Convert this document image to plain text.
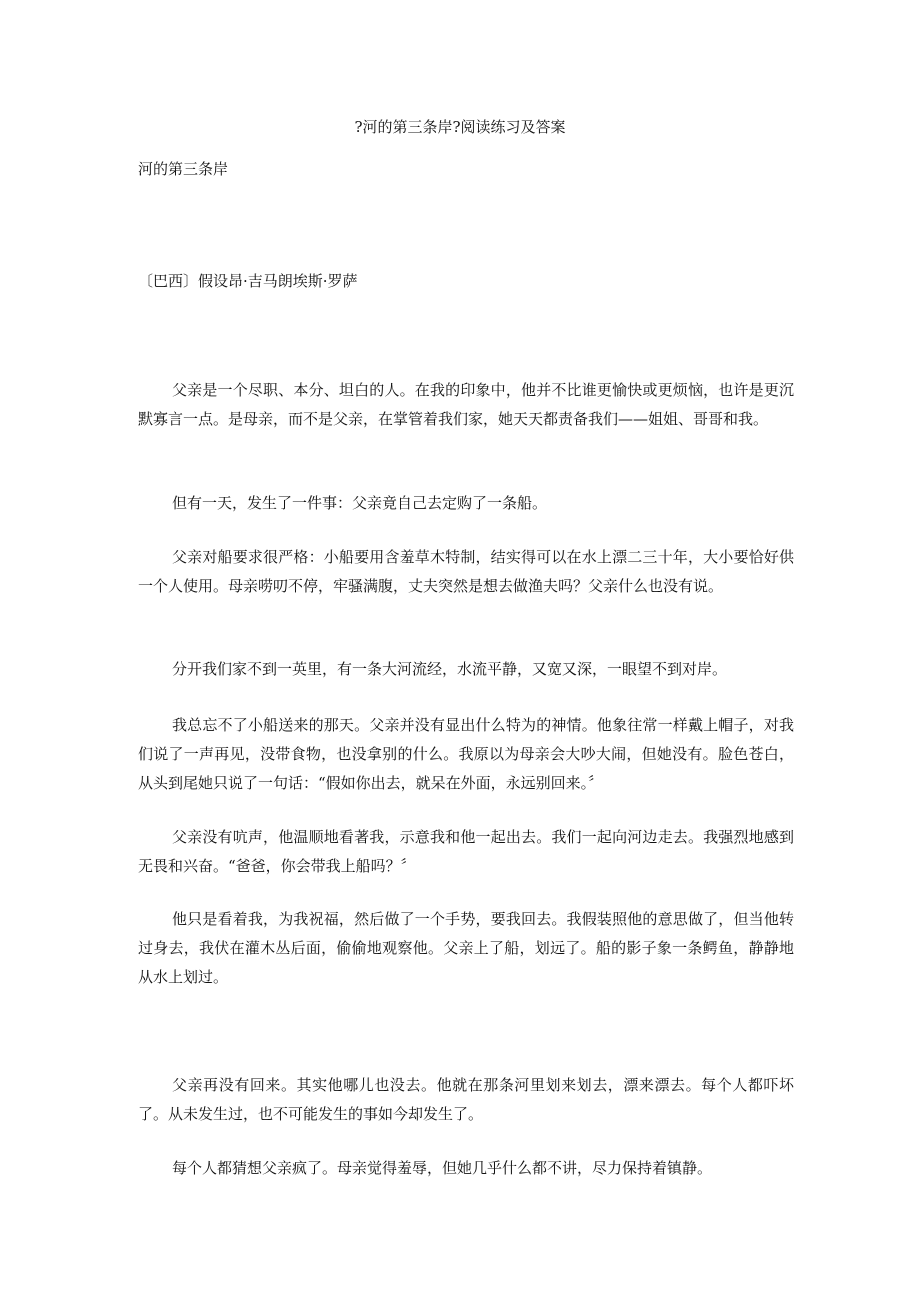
?河的第三条岸?阅读练习及答案
河的第三条岸

〔巴西〕假设昂·吉马朗埃斯·罗萨

父亲是一个尽职、本分、坦白的人。在我的印象中，他并不比谁更愉快或更烦恼，也许是更沉默寡言一点。是母亲，而不是父亲，在掌管着我们家，她天天都责备我们——姐姐、哥哥和我。

但有一天，发生了一件事：父亲竟自己去定购了一条船。

父亲对船要求很严格：小船要用含羞草木特制，结实得可以在水上漂二三十年，大小要恰好供一个人使用。母亲唠叨不停，牢骚满腹，丈夫突然是想去做渔夫吗？父亲什么也没有说。

分开我们家不到一英里，有一条大河流经，水流平静，又宽又深，一眼望不到对岸。

我总忘不了小船送来的那天。父亲并没有显出什么特为的神情。他象往常一样戴上帽子，对我们说了一声再见，没带食物，也没拿别的什么。我原以为母亲会大吵大闹，但她没有。脸色苍白，从头到尾她只说了一句话：“假如你出去，就呆在外面，永远别回来。〞

父亲没有吭声，他温顺地看著我，示意我和他一起出去。我们一起向河边走去。我强烈地感到无畏和兴奋。“爸爸，你会带我上船吗？〞

他只是看着我，为我祝福，然后做了一个手势，要我回去。我假装照他的意思做了，但当他转过身去，我伏在灌木丛后面，偷偷地观察他。父亲上了船，划远了。船的影子象一条鳄鱼，静静地从水上划过。

父亲再没有回来。其实他哪儿也没去。他就在那条河里划来划去，漂来漂去。每个人都吓坏了。从未发生过，也不可能发生的事如今却发生了。

每个人都猜想父亲疯了。母亲觉得羞辱，但她几乎什么都不讲，尽力保持着镇静。
